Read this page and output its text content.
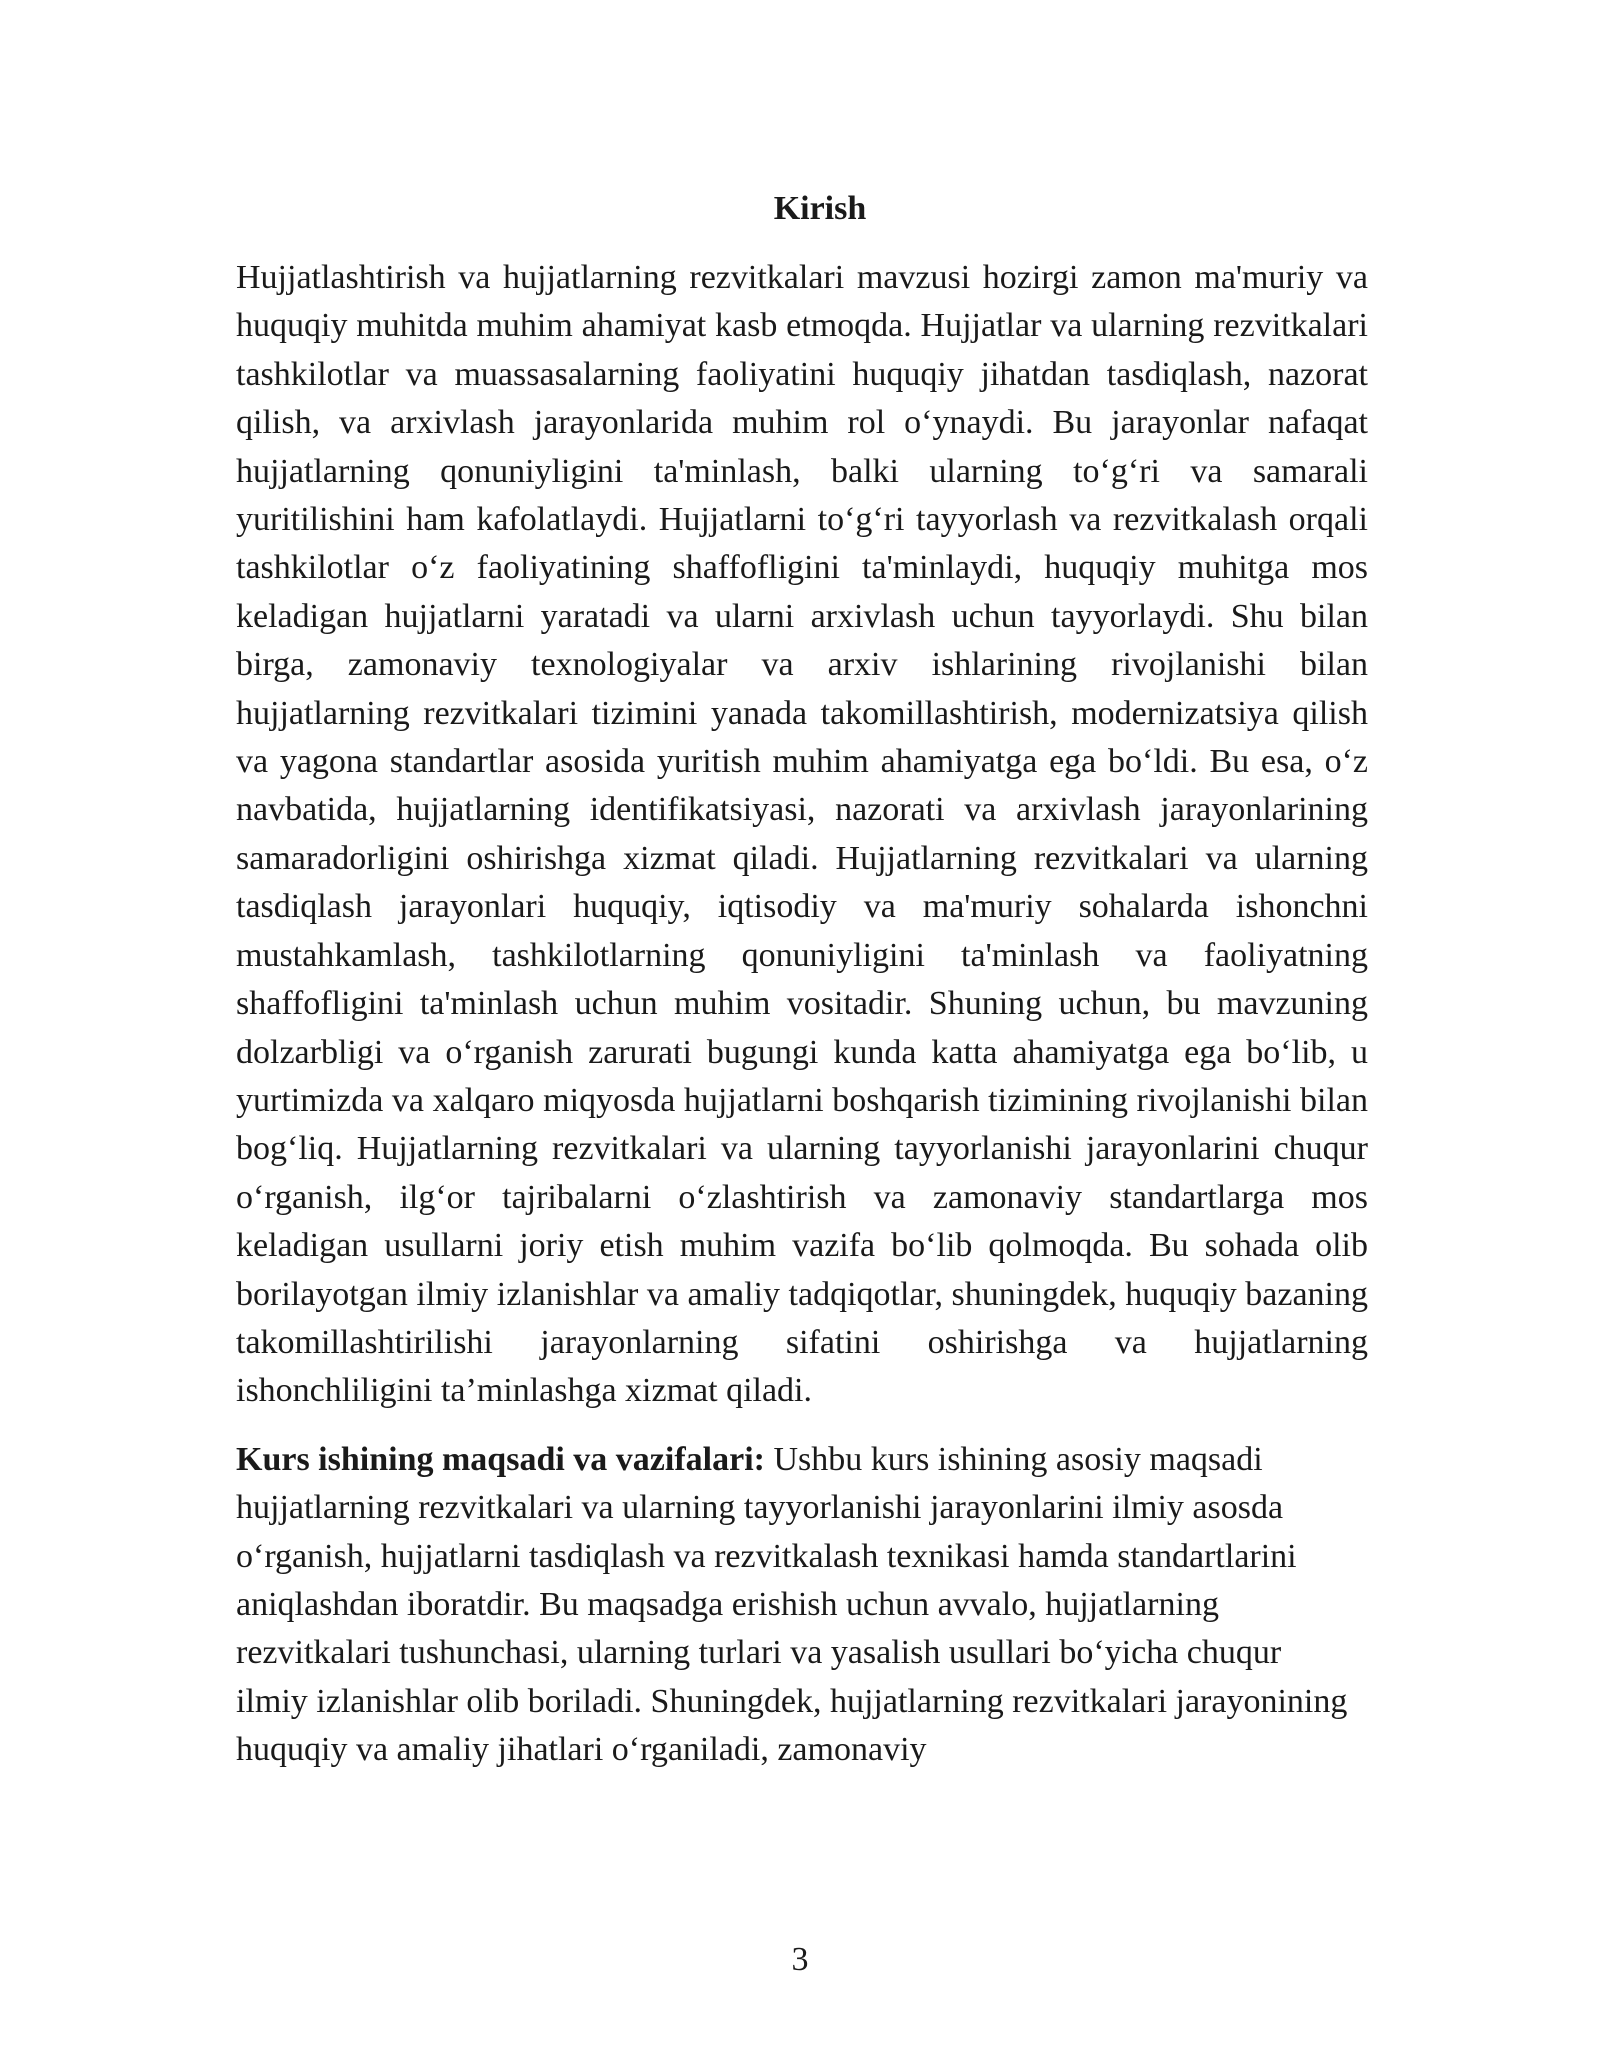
Kirish

Hujjatlashtirish va hujjatlarning rezvitkalari mavzusi hozirgi zamon ma'muriy va huquqiy muhitda muhim ahamiyat kasb etmoqda. Hujjatlar va ularning rezvitkalari tashkilotlar va muassasalarning faoliyatini huquqiy jihatdan tasdiqlash, nazorat qilish, va arxivlash jarayonlarida muhim rol o‘ynaydi. Bu jarayonlar nafaqat hujjatlarning qonuniyligini ta'minlash, balki ularning to‘g‘ri va samarali yuritilishini ham kafolatlaydi. Hujjatlarni to‘g‘ri tayyorlash va rezvitkalash orqali tashkilotlar o‘z faoliyatining shaffofligini ta'minlaydi, huquqiy muhitga mos keladigan hujjatlarni yaratadi va ularni arxivlash uchun tayyorlaydi. Shu bilan birga, zamonaviy texnologiyalar va arxiv ishlarining rivojlanishi bilan hujjatlarning rezvitkalari tizimini yanada takomillashtirish, modernizatsiya qilish va yagona standartlar asosida yuritish muhim ahamiyatga ega bo‘ldi. Bu esa, o‘z navbatida, hujjatlarning identifikatsiyasi, nazorati va arxivlash jarayonlarining samaradorligini oshirishga xizmat qiladi. Hujjatlarning rezvitkalari va ularning tasdiqlash jarayonlari huquqiy, iqtisodiy va ma'muriy sohalarda ishonchni mustahkamlash, tashkilotlarning qonuniyligini ta'minlash va faoliyatning shaffofligini ta'minlash uchun muhim vositadir. Shuning uchun, bu mavzuning dolzarbligi va o‘rganish zarurati bugungi kunda katta ahamiyatga ega bo‘lib, u yurtimizda va xalqaro miqyosda hujjatlarni boshqarish tizimining rivojlanishi bilan bog‘liq. Hujjatlarning rezvitkalari va ularning tayyorlanishi jarayonlarini chuqur o‘rganish, ilg‘or tajribalarni o‘zlashtirish va zamonaviy standartlarga mos keladigan usullarni joriy etish muhim vazifa bo‘lib qolmoqda. Bu sohada olib borilayotgan ilmiy izlanishlar va amaliy tadqiqotlar, shuningdek, huquqiy bazaning takomillashtirilishi jarayonlarning sifatini oshirishga va hujjatlarning ishonchliligini ta’minlashga xizmat qiladi.

Kurs ishining maqsadi va vazifalari: Ushbu kurs ishining asosiy maqsadi hujjatlarning rezvitkalari va ularning tayyorlanishi jarayonlarini ilmiy asosda o‘rganish, hujjatlarni tasdiqlash va rezvitkalash texnikasi hamda standartlarini aniqlashdan iboratdir. Bu maqsadga erishish uchun avvalo, hujjatlarning rezvitkalari tushunchasi, ularning turlari va yasalish usullari bo‘yicha chuqur ilmiy izlanishlar olib boriladi. Shuningdek, hujjatlarning rezvitkalari jarayonining huquqiy va amaliy jihatlari o‘rganiladi, zamonaviy

3
